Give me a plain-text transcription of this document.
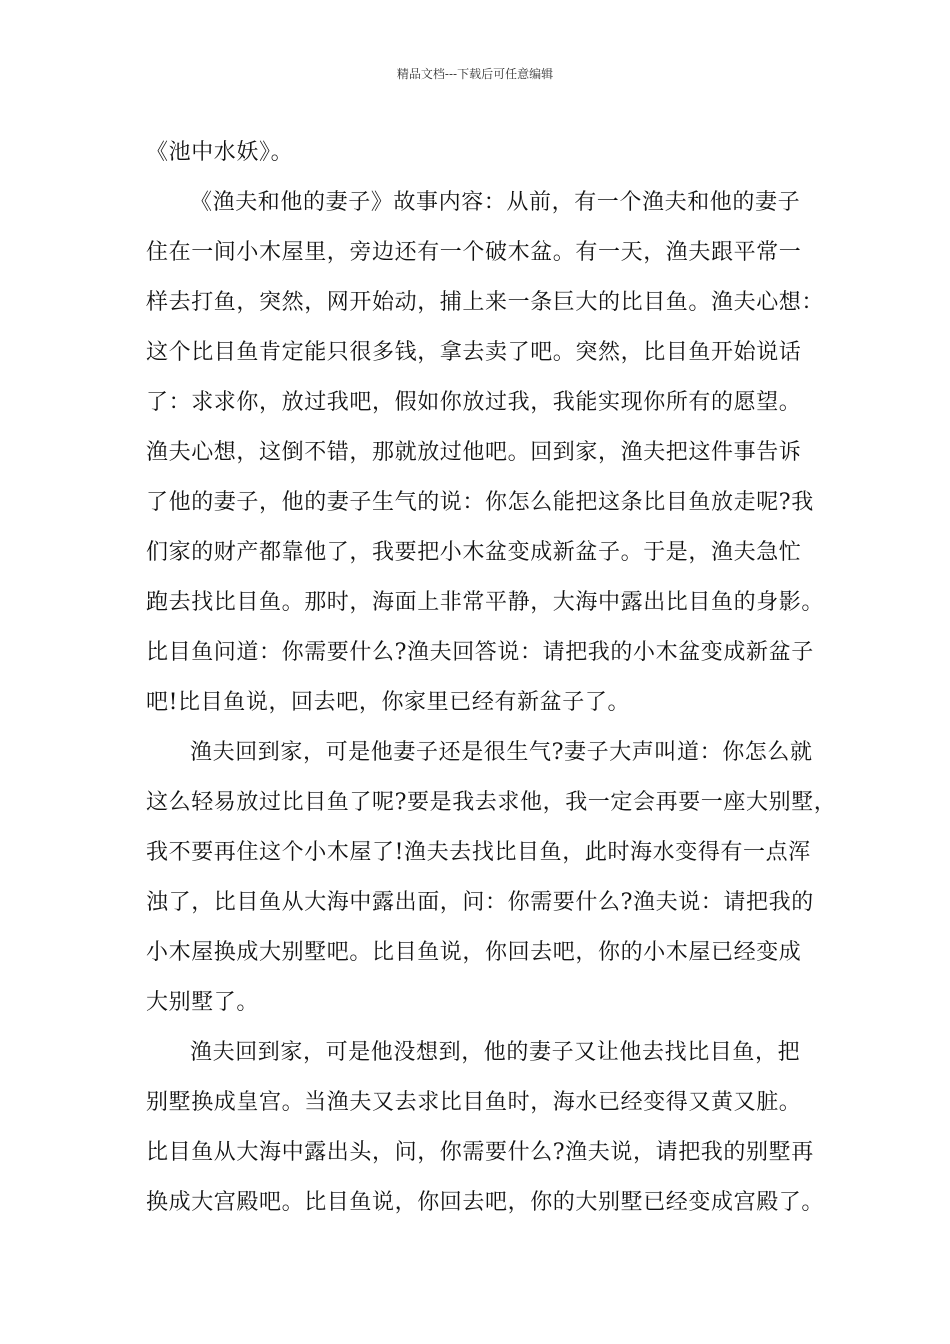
精品文档---下载后可任意编辑
《池中水妖》。
《渔夫和他的妻子》故事内容：从前，有一个渔夫和他的妻子
住在一间小木屋里，旁边还有一个破木盆。有一天，渔夫跟平常一
样去打鱼，突然，网开始动，捕上来一条巨大的比目鱼。渔夫心想：
这个比目鱼肯定能只很多钱，拿去卖了吧。突然，比目鱼开始说话
了：求求你，放过我吧，假如你放过我，我能实现你所有的愿望。
渔夫心想，这倒不错，那就放过他吧。回到家，渔夫把这件事告诉
了他的妻子，他的妻子生气的说：你怎么能把这条比目鱼放走呢?我
们家的财产都靠他了，我要把小木盆变成新盆子。于是，渔夫急忙
跑去找比目鱼。那时，海面上非常平静，大海中露出比目鱼的身影。
比目鱼问道：你需要什么?渔夫回答说：请把我的小木盆变成新盆子
吧!比目鱼说，回去吧，你家里已经有新盆子了。
渔夫回到家，可是他妻子还是很生气?妻子大声叫道：你怎么就
这么轻易放过比目鱼了呢?要是我去求他，我一定会再要一座大别墅，
我不要再住这个小木屋了!渔夫去找比目鱼，此时海水变得有一点浑
浊了，比目鱼从大海中露出面，问：你需要什么?渔夫说：请把我的
小木屋换成大别墅吧。比目鱼说，你回去吧，你的小木屋已经变成
大别墅了。
渔夫回到家，可是他没想到，他的妻子又让他去找比目鱼，把
别墅换成皇宫。当渔夫又去求比目鱼时，海水已经变得又黄又脏。
比目鱼从大海中露出头，问，你需要什么?渔夫说，请把我的别墅再
换成大宫殿吧。比目鱼说，你回去吧，你的大别墅已经变成宫殿了。
